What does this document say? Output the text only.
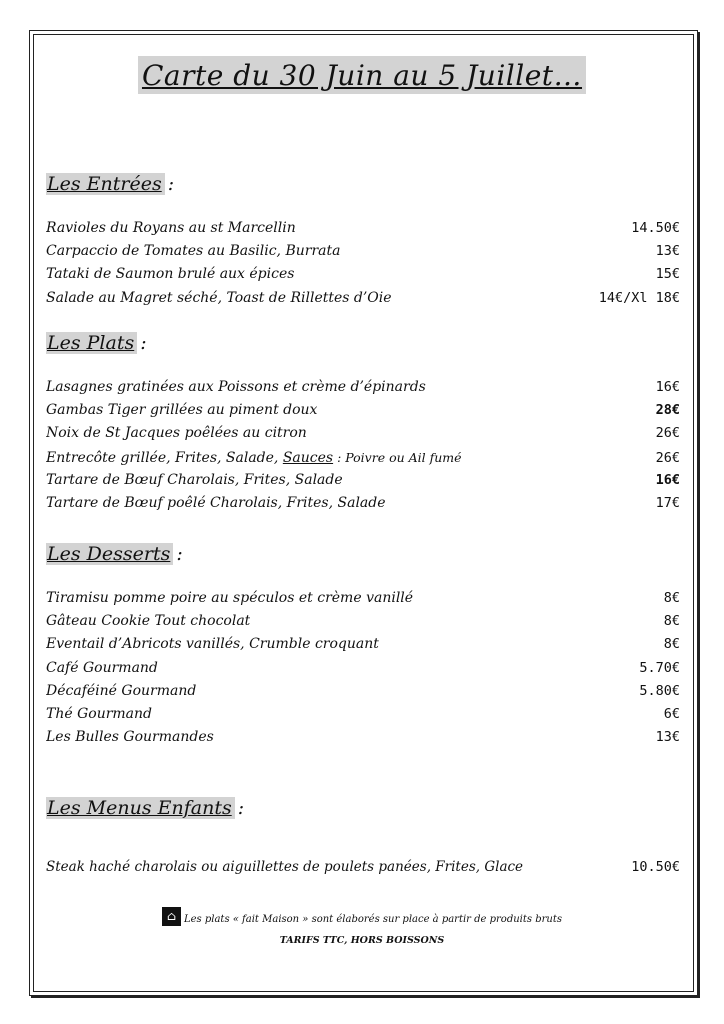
Carte du 30 Juin au 5 Juillet…
Les Entrées :
Ravioles du Royans au st Marcellin	14.50€
Carpaccio de Tomates au Basilic, Burrata	13€
Tataki de Saumon brulé aux épices	15€
Salade au Magret séché, Toast de Rillettes d’Oie	14€/Xl 18€
Les Plats :
Lasagnes gratinées aux Poissons et crème d’épinards	16€
Gambas Tiger grillées au piment doux	28€
Noix de St Jacques poêlées au citron	26€
Entrecôte grillée, Frites, Salade, Sauces : Poivre ou Ail fumé	26€
Tartare de Bœuf Charolais, Frites, Salade	16€
Tartare de Bœuf poêlé Charolais, Frites, Salade	17€
Les Desserts :
Tiramisu pomme poire au spéculos et crème vanillé	8€
Gâteau Cookie Tout chocolat	8€
Eventail d’Abricots vanillés, Crumble croquant	8€
Café Gourmand	5.70€
Décaféiné Gourmand	5.80€
Thé Gourmand	6€
Les Bulles Gourmandes	13€
Les Menus Enfants :
Steak haché charolais ou aiguillettes de poulets panées, Frites, Glace	10.50€
⌂ Les plats « fait Maison » sont élaborés sur place à partir de produits bruts
TARIFS TTC, HORS BOISSONS
